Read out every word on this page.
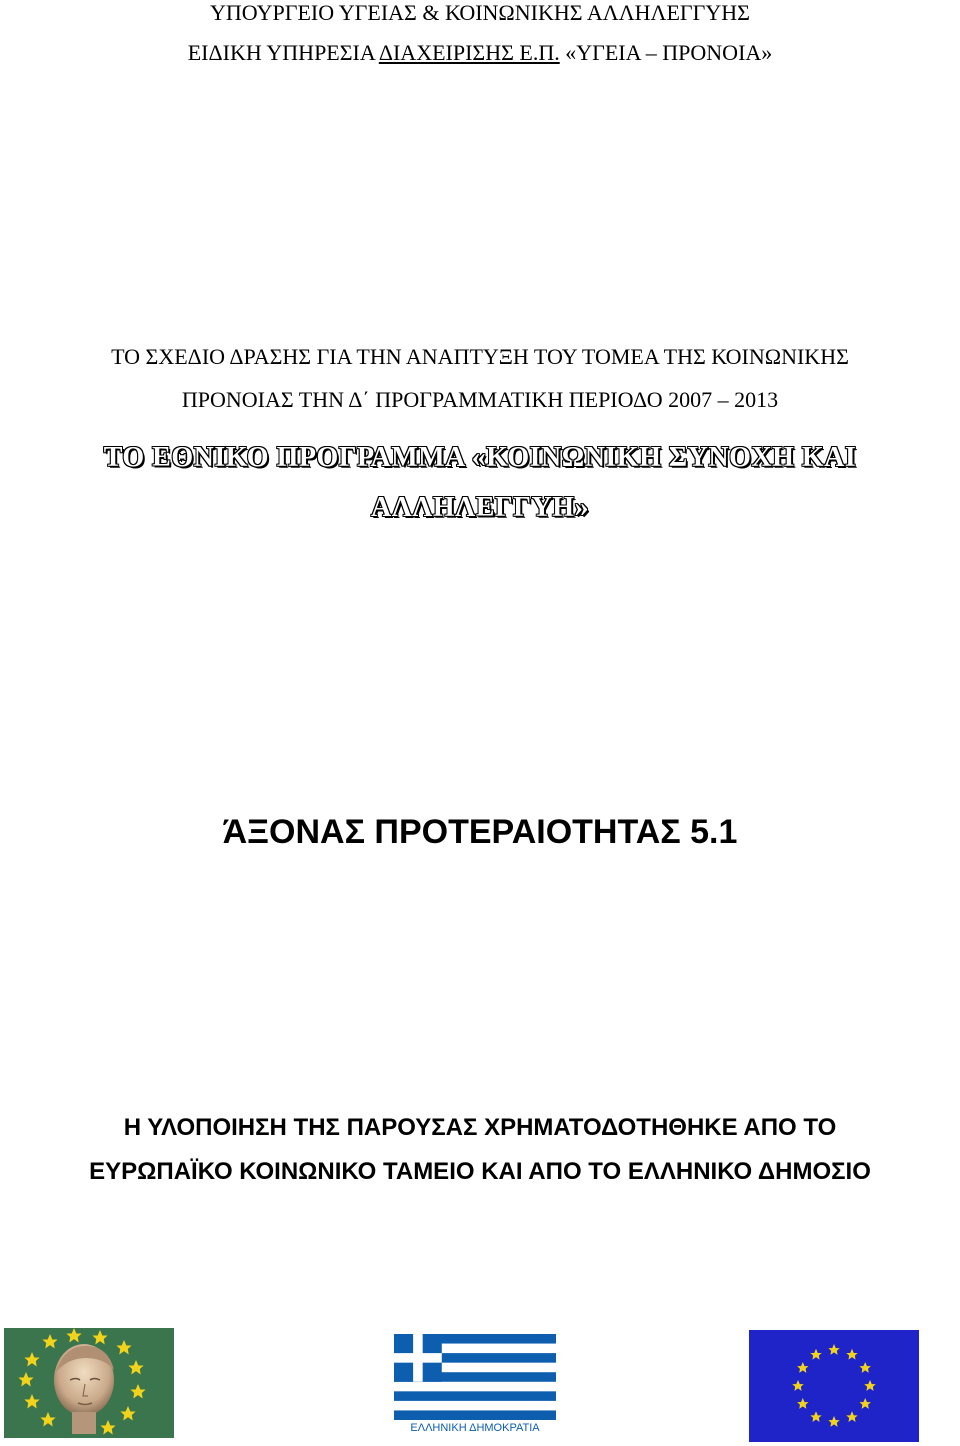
ΥΠΟΥΡΓΕΙΟ ΥΓΕΙΑΣ & ΚΟΙΝΩΝΙΚΗΣ ΑΛΛΗΛΕΓΓΥΗΣ
ΕΙΔΙΚΗ ΥΠΗΡΕΣΙΑ ΔΙΑΧΕΙΡΙΣΗΣ Ε.Π. «ΥΓΕΙΑ – ΠΡΟΝΟΙΑ»
ΤΟ ΣΧΕΔΙΟ ΔΡΑΣΗΣ ΓΙΑ ΤΗΝ ΑΝΑΠΤΥΞΗ ΤΟΥ ΤΟΜΕΑ ΤΗΣ ΚΟΙΝΩΝΙΚΗΣ
ΠΡΟΝΟΙΑΣ ΤΗΝ Δ΄ ΠΡΟΓΡΑΜΜΑΤΙΚΗ ΠΕΡΙΟΔΟ 2007 – 2013
ΤΟ ΕΘΝΙΚΟ ΠΡΟΓΡΑΜΜΑ «ΚΟΙΝΩΝΙΚΗ ΣΥΝΟΧΗ ΚΑΙ
ΑΛΛΗΛΕΓΓΥΗ»
ΆΞΟΝΑΣ ΠΡΟΤΕΡΑΙΟΤΗΤΑΣ 5.1
Η ΥΛΟΠΟΙΗΣΗ ΤΗΣ ΠΑΡΟΥΣΑΣ ΧΡΗΜΑΤΟΔΟΤΗΘΗΚΕ ΑΠΟ ΤΟ
ΕΥΡΩΠΑΪΚΟ ΚΟΙΝΩΝΙΚΟ ΤΑΜΕΙΟ ΚΑΙ ΑΠΟ ΤΟ ΕΛΛΗΝΙΚΟ ΔΗΜΟΣΙΟ
ΕΛΛΗΝΙΚΗ ΔΗΜΟΚΡΑΤΙΑ
